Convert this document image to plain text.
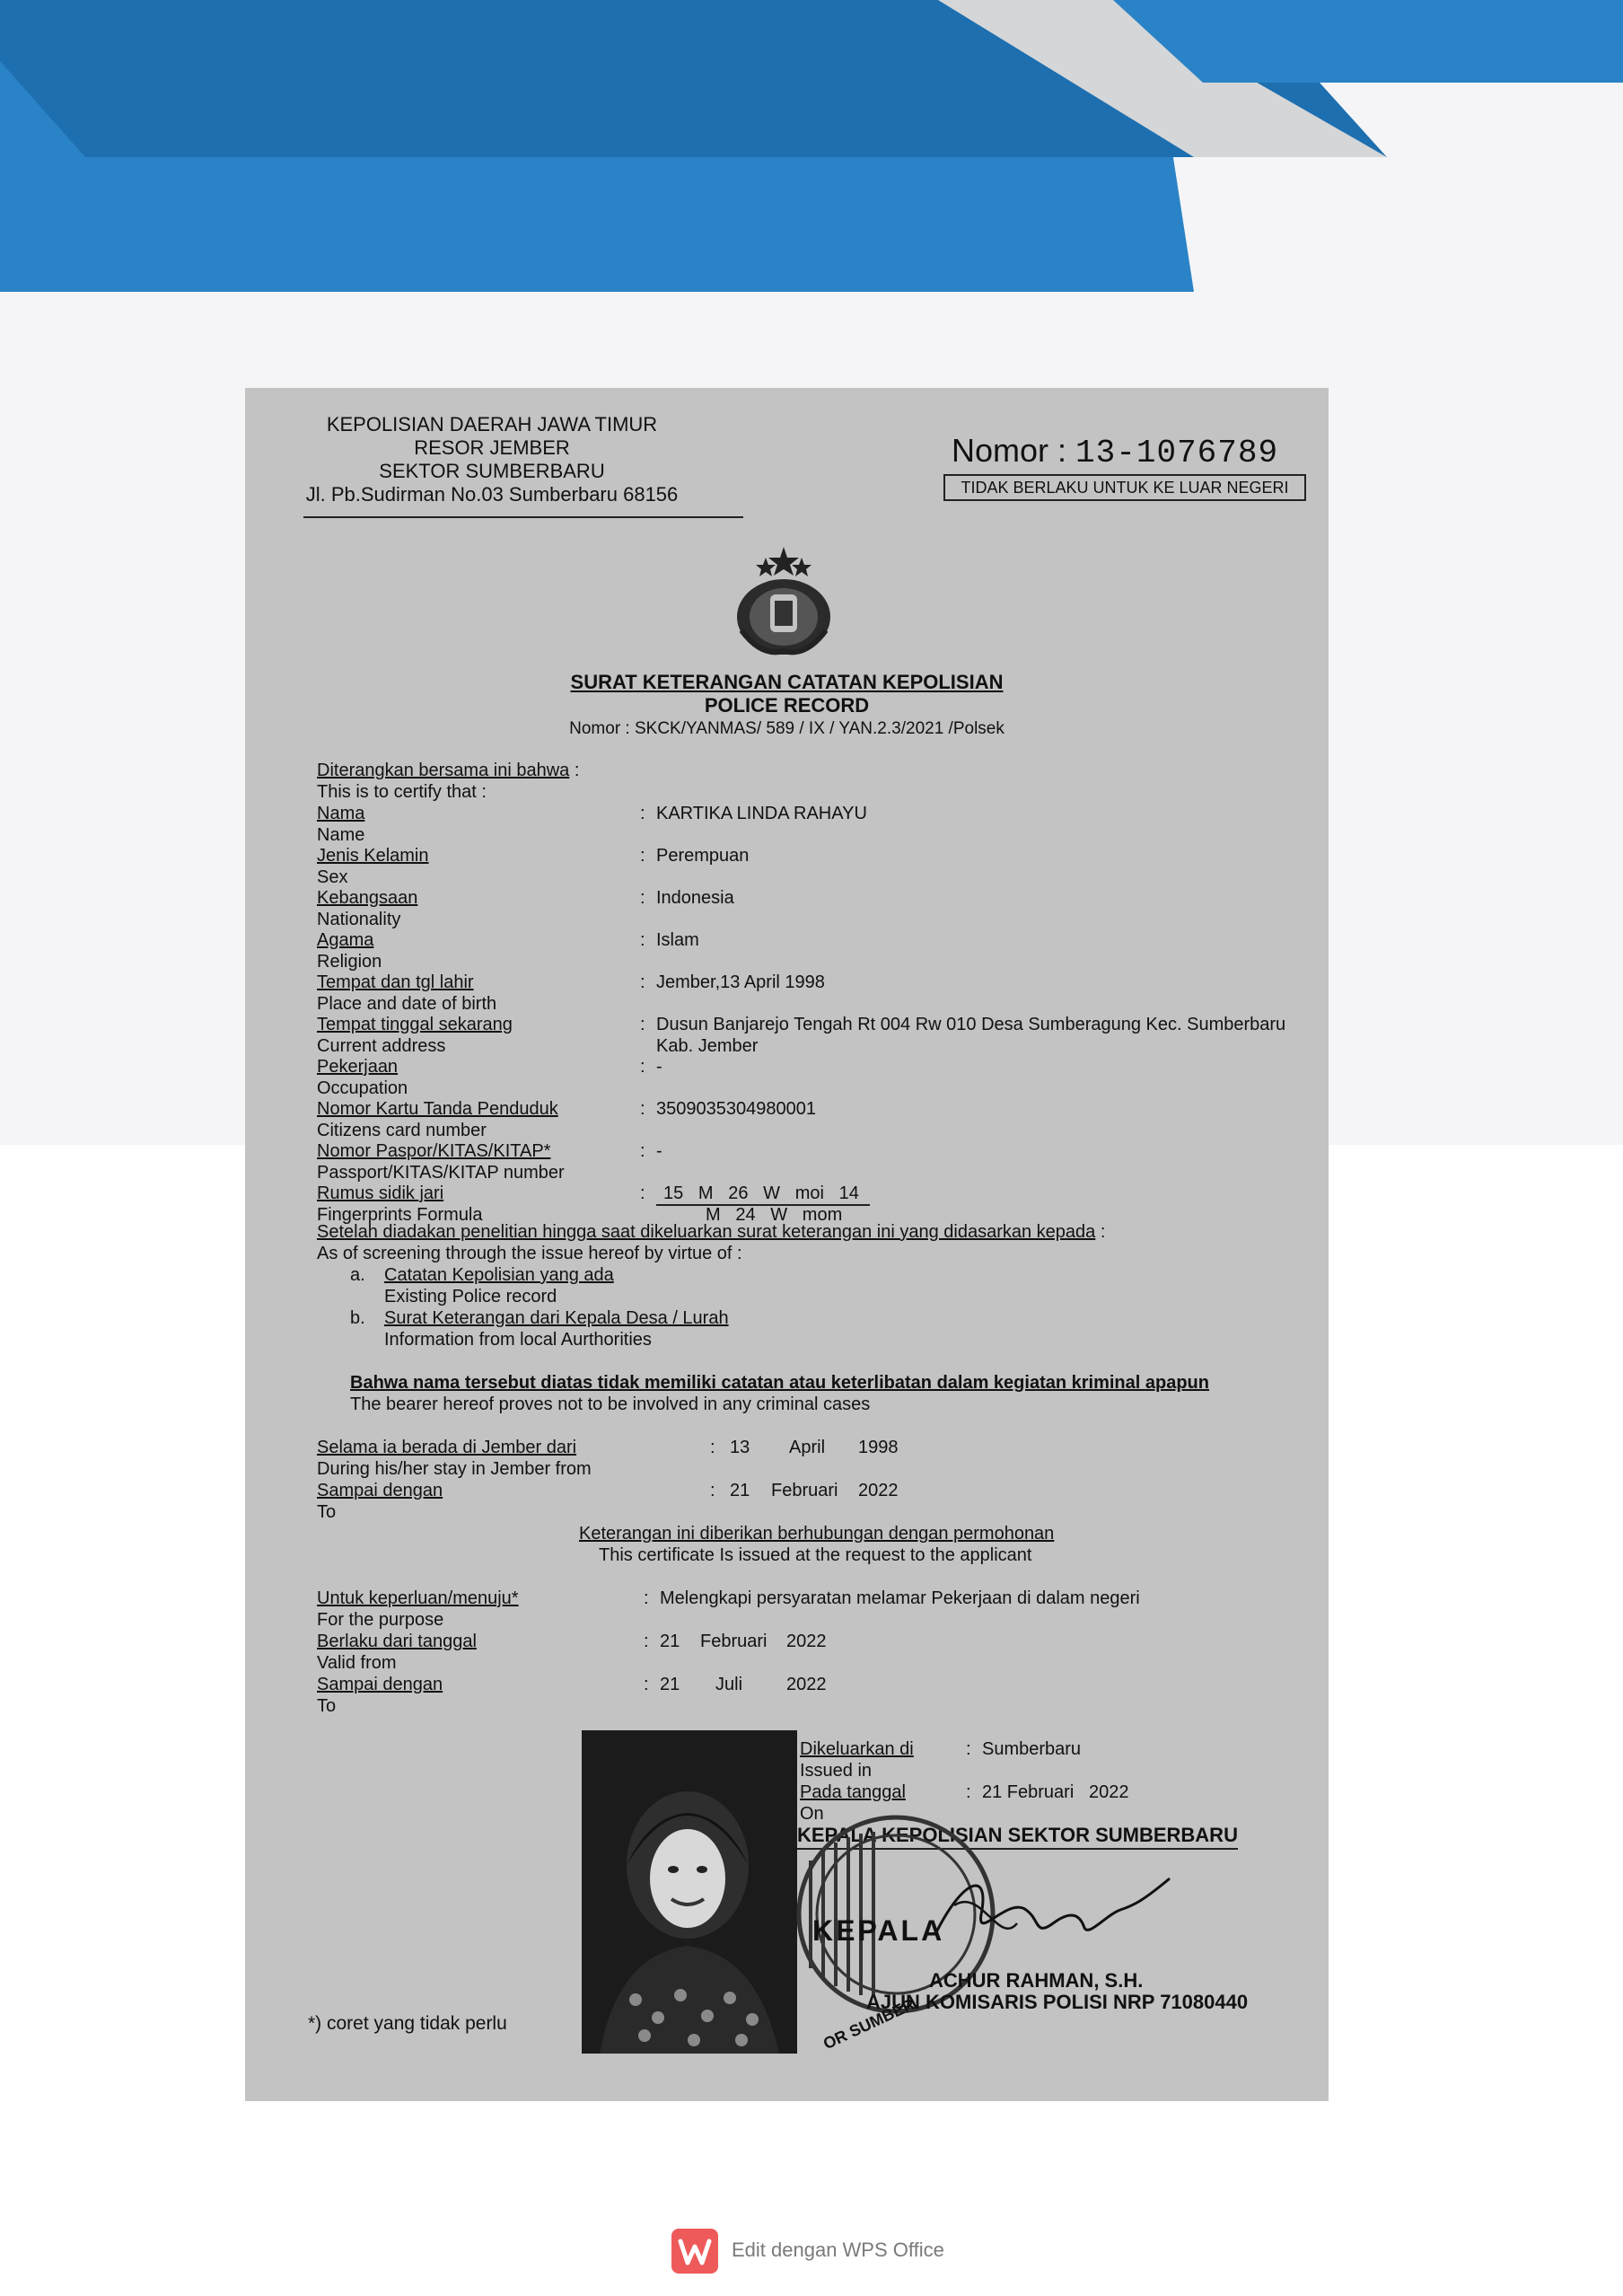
KEPOLISIAN DAERAH JAWA TIMUR
RESOR JEMBER
SEKTOR SUMBERBARU
Jl. Pb.Sudirman No.03 Sumberbaru 68156
Nomor : 13-1076789
TIDAK BERLAKU UNTUK KE LUAR NEGERI
SURAT KETERANGAN CATATAN KEPOLISIAN
POLICE RECORD
Nomor : SKCK/YANMAS/ 589 / IX / YAN.2.3/2021 /Polsek
Diterangkan bersama ini bahwa :
This is to certify that :
Nama
Name
: KARTIKA LINDA RAHAYU
Jenis Kelamin
Sex
: Perempuan
Kebangsaan
Nationality
: Indonesia
Agama
Religion
: Islam
Tempat dan tgl lahir
Place and date of birth
: Jember,13 April 1998
Tempat tinggal sekarang
Current address
: Dusun Banjarejo Tengah Rt 004 Rw 010 Desa Sumberagung Kec. Sumberbaru
Kab. Jember
Pekerjaan
Occupation
: -
Nomor Kartu Tanda Penduduk
Citizens card number
: 3509035304980001
Nomor Paspor/KITAS/KITAP*
Passport/KITAS/KITAP number
: -
Rumus sidik jari
Fingerprints Formula
:	15   M   26   W   moi   14
M   24   W   mom
Setelah diadakan penelitian hingga saat dikeluarkan surat keterangan ini yang didasarkan kepada :
As of screening through the issue hereof by virtue of :
a. Catatan Kepolisian yang ada
Existing Police record
b. Surat Keterangan dari Kepala Desa / Lurah
Information from local Aurthorities
Bahwa nama tersebut diatas tidak memiliki catatan atau keterlibatan dalam kegiatan kriminal apapun
The bearer hereof proves not to be involved in any criminal cases
Selama ia berada di Jember dari
During his/her stay in Jember from
: 13 April 1998
Sampai dengan
To
: 21 Februari 2022
Keterangan ini diberikan berhubungan dengan permohonan
This certificate Is issued at the request to the applicant
Untuk keperluan/menuju*
For the purpose
: Melengkapi persyaratan melamar Pekerjaan di dalam negeri
Berlaku dari tanggal
Valid from
: 21 Februari 2022
Sampai dengan
To
: 21 Juli 2022
Dikeluarkan di
Issued in
: Sumberbaru
Pada tanggal
On
: 21 Februari   2022
KEPALA KEPOLISIAN SEKTOR SUMBERBARU
KEPALA
OR SUMBER
ACHUR RAHMAN, S.H.
AJUN KOMISARIS POLISI NRP 71080440
*) coret yang tidak perlu
Edit dengan WPS Office
